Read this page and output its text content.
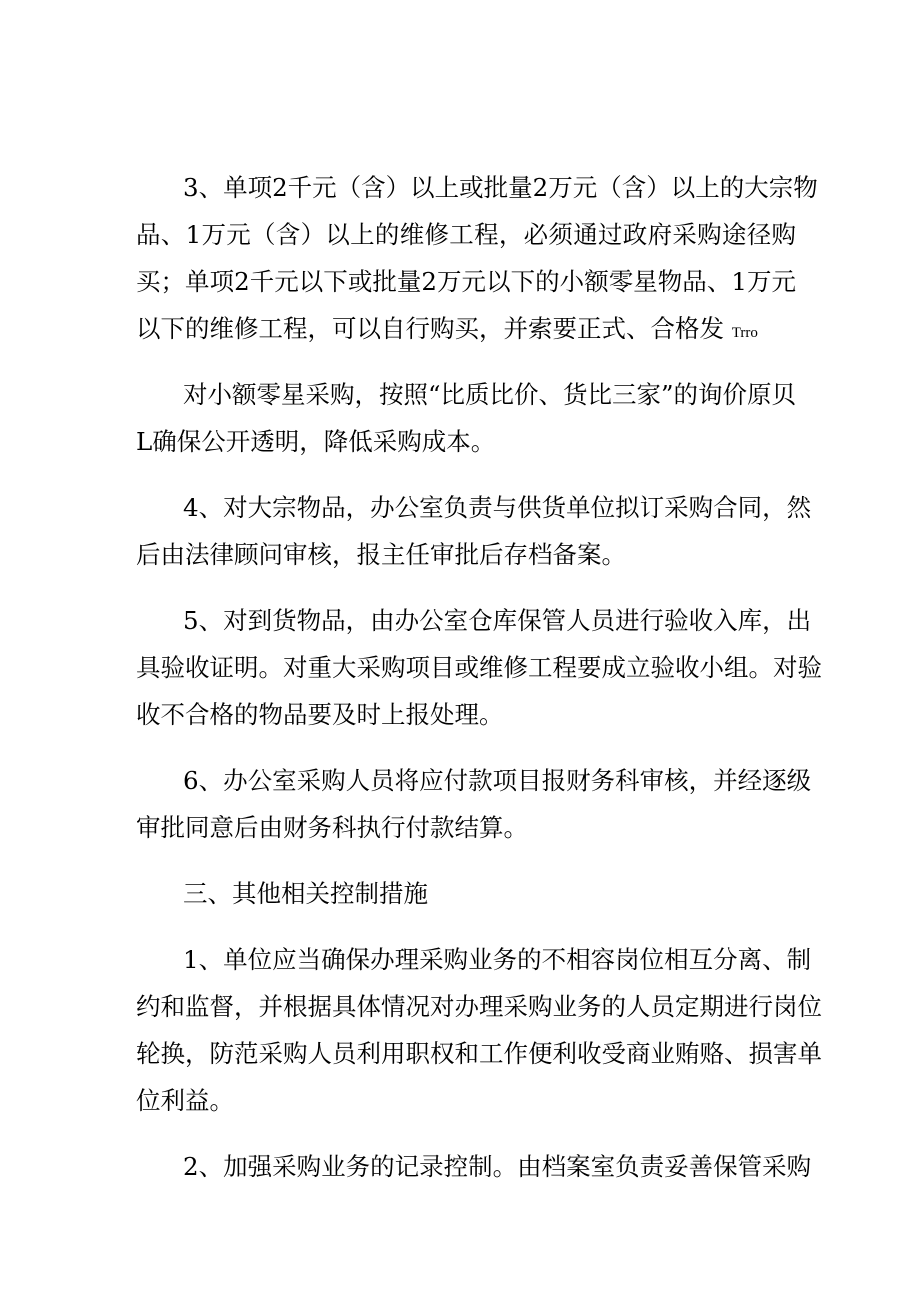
3、单项2千元（含）以上或批量2万元（含）以上的大宗物
品、1万元（含）以上的维修工程，必须通过政府采购途径购
买；单项2千元以下或批量2万元以下的小额零星物品、1万元
以下的维修工程，可以自行购买，并索要正式、合格发 Trro
对小额零星采购，按照“比质比价、货比三家”的询价原贝
L确保公开透明，降低采购成本。
4、对大宗物品，办公室负责与供货单位拟订采购合同，然
后由法律顾问审核，报主任审批后存档备案。
5、对到货物品，由办公室仓库保管人员进行验收入库，出
具验收证明。对重大采购项目或维修工程要成立验收小组。对验
收不合格的物品要及时上报处理。
6、办公室采购人员将应付款项目报财务科审核，并经逐级
审批同意后由财务科执行付款结算。
三、其他相关控制措施
1、单位应当确保办理采购业务的不相容岗位相互分离、制
约和监督，并根据具体情况对办理采购业务的人员定期进行岗位
轮换，防范采购人员利用职权和工作便利收受商业贿赂、损害单
位利益。
2、加强采购业务的记录控制。由档案室负责妥善保管采购
